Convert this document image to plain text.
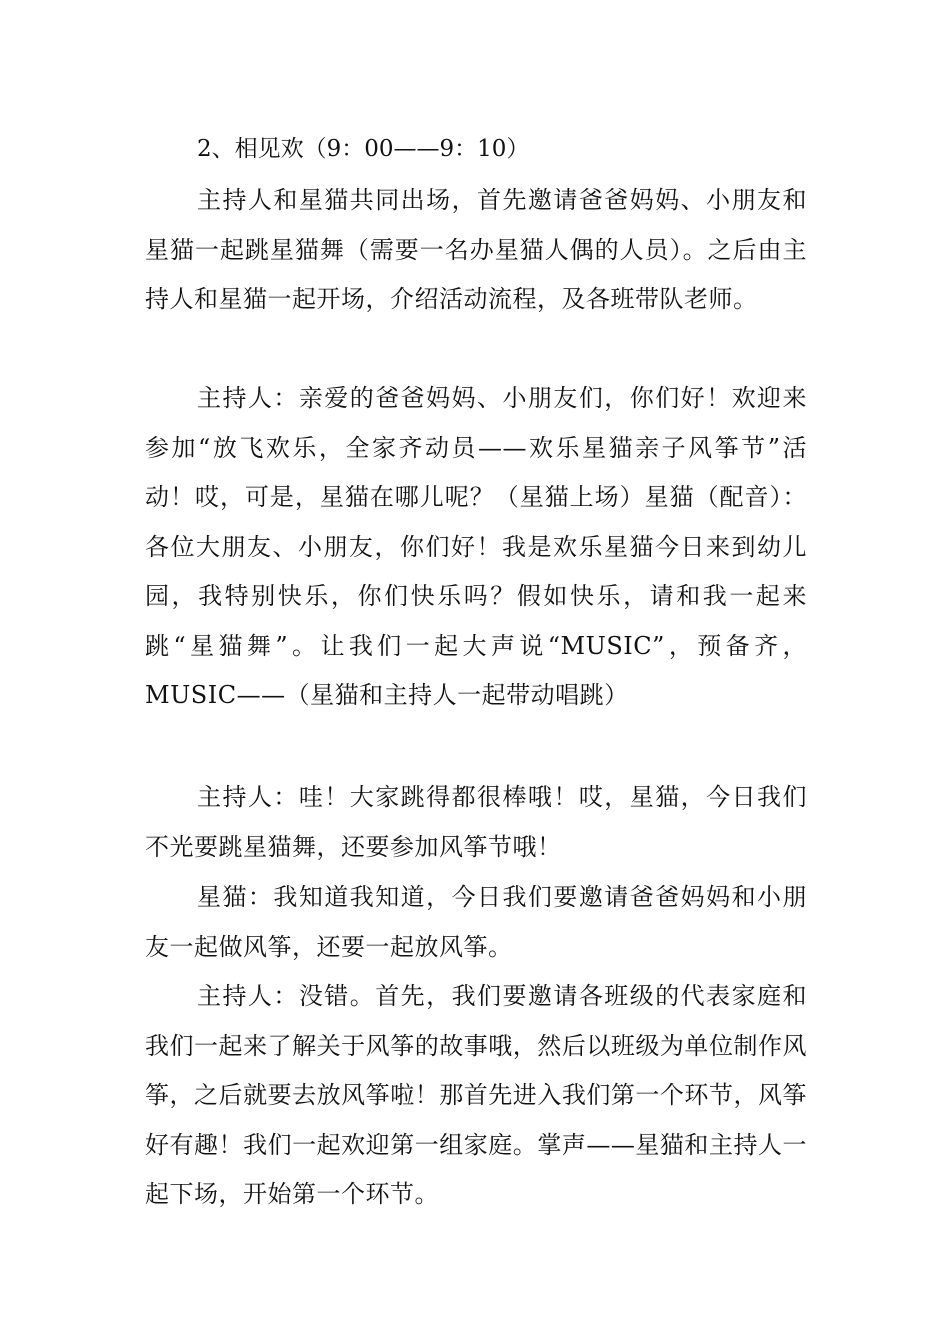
2、相见欢（9：00——9：10）

主持人和星猫共同出场，首先邀请爸爸妈妈、小朋友和星猫一起跳星猫舞（需要一名办星猫人偶的人员）。之后由主持人和星猫一起开场，介绍活动流程，及各班带队老师。

主持人：亲爱的爸爸妈妈、小朋友们，你们好！欢迎来参加“放飞欢乐，全家齐动员——欢乐星猫亲子风筝节”活动！哎，可是，星猫在哪儿呢？（星猫上场）星猫（配音）：各位大朋友、小朋友，你们好！我是欢乐星猫今日来到幼儿园，我特别快乐，你们快乐吗？假如快乐，请和我一起来跳“星猫舞”。让我们一起大声说“MUSIC”，预备齐，MUSIC——（星猫和主持人一起带动唱跳）

主持人：哇！大家跳得都很棒哦！哎，星猫，今日我们不光要跳星猫舞，还要参加风筝节哦！

星猫：我知道我知道，今日我们要邀请爸爸妈妈和小朋友一起做风筝，还要一起放风筝。

主持人：没错。首先，我们要邀请各班级的代表家庭和我们一起来了解关于风筝的故事哦，然后以班级为单位制作风筝，之后就要去放风筝啦！那首先进入我们第一个环节，风筝好有趣！我们一起欢迎第一组家庭。掌声——星猫和主持人一起下场，开始第一个环节。
